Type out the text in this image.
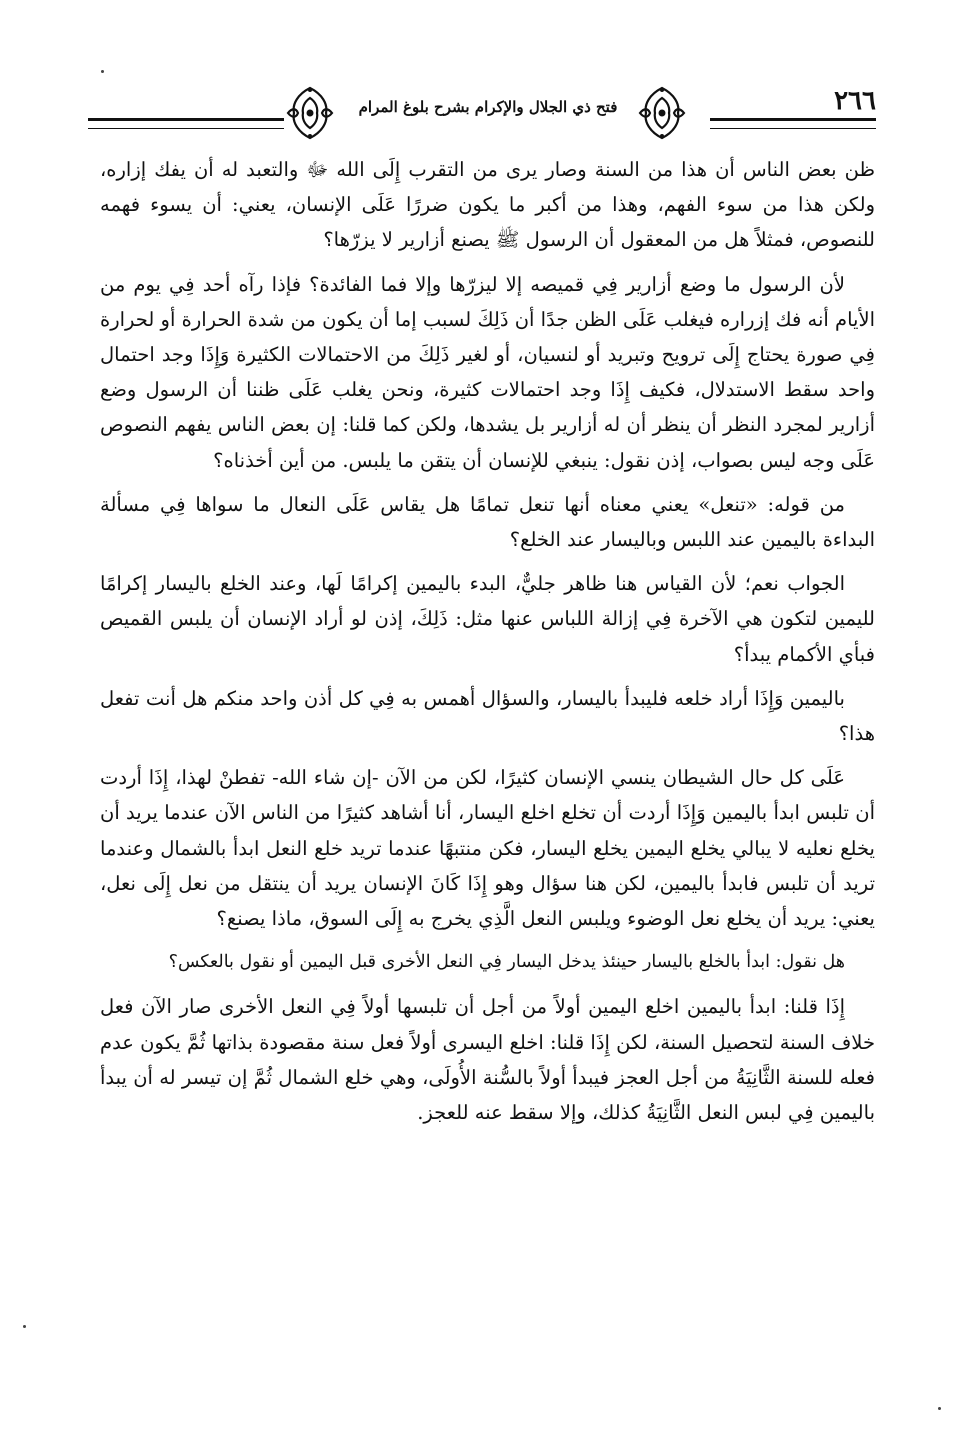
٢٦٦
فتح ذي الجلال والإكرام بشرح بلوغ المرام

ظن بعض الناس أن هذا من السنة وصار يرى من التقرب إِلَى الله ﷻ والتعبد له أن يفك إزاره، ولكن هذا من سوء الفهم، وهذا من أكبر ما يكون ضررًا عَلَى الإنسان، يعني: أن يسوء فهمه للنصوص، فمثلاً هل من المعقول أن الرسول ﷺ يصنع أزارير لا يزرّها؟

لأن الرسول ما وضع أزارير فِي قميصه إلا ليزرّها وإلا فما الفائدة؟ فإذا رآه أحد فِي يوم من الأيام أنه فك إزراره فيغلب عَلَى الظن جدًا أن ذَلِكَ لسبب إما أن يكون من شدة الحرارة أو لحرارة فِي صورة يحتاج إِلَى ترويح وتبريد أو لنسيان، أو لغير ذَلِكَ من الاحتمالات الكثيرة وَإِذَا وجد احتمال واحد سقط الاستدلال، فكيف إِذَا وجد احتمالات كثيرة، ونحن يغلب عَلَى ظننا أن الرسول وضع أزارير لمجرد النظر أن ينظر أن له أزارير بل يشدها، ولكن كما قلنا: إن بعض الناس يفهم النصوص عَلَى وجه ليس بصواب، إذن نقول: ينبغي للإنسان أن يتقن ما يلبس. من أين أخذناه؟

من قوله: «تنعل» يعني معناه أنها تنعل تمامًا هل يقاس عَلَى النعال ما سواها فِي مسألة البداءة باليمين عند اللبس وباليسار عند الخلع؟

الجواب نعم؛ لأن القياس هنا ظاهر جليٌّ، البدء باليمين إكرامًا لَها، وعند الخلع باليسار إكرامًا لليمين لتكون هي الآخرة فِي إزالة اللباس عنها مثل: ذَلِكَ، إذن لو أراد الإنسان أن يلبس القميص فبأي الأكمام يبدأ؟

باليمين وَإِذَا أراد خلعه فليبدأ باليسار، والسؤال أهمس به فِي كل أذن واحد منكم هل أنت تفعل هذا؟

عَلَى كل حال الشيطان ينسي الإنسان كثيرًا، لكن من الآن -إن شاء الله- تفطنْ لهذا، إِذَا أردت أن تلبس ابدأ باليمين وَإِذَا أردت أن تخلع اخلع اليسار، أنا أشاهد كثيرًا من الناس الآن عندما يريد أن يخلع نعليه لا يبالي يخلع اليمين يخلع اليسار، فكن منتبهًا عندما تريد خلع النعل ابدأ بالشمال وعندما تريد أن تلبس فابدأ باليمين، لكن هنا سؤال وهو إِذَا كَانَ الإنسان يريد أن ينتقل من نعل إِلَى نعل، يعني: يريد أن يخلع نعل الوضوء ويلبس النعل الَّذِي يخرج به إِلَى السوق، ماذا يصنع؟

هل نقول: ابدأ بالخلع باليسار حينئذ يدخل اليسار فِي النعل الأخرى قبل اليمين أو نقول بالعكس؟

إِذَا قلنا: ابدأ باليمين اخلع اليمين أولاً من أجل أن تلبسها أولاً فِي النعل الأخرى صار الآن فعل خلاف السنة لتحصيل السنة، لكن إِذَا قلنا: اخلع اليسرى أولاً فعل سنة مقصودة بذاتها ثُمَّ يكون عدم فعله للسنة الثَّانِيَةُ من أجل العجز فيبدأ أولاً بالسُّنة الأُولَى، وهي خلع الشمال ثُمَّ إن تيسر له أن يبدأ باليمين فِي لبس النعل الثَّانِيَةُ كذلك، وإلا سقط عنه للعجز.
